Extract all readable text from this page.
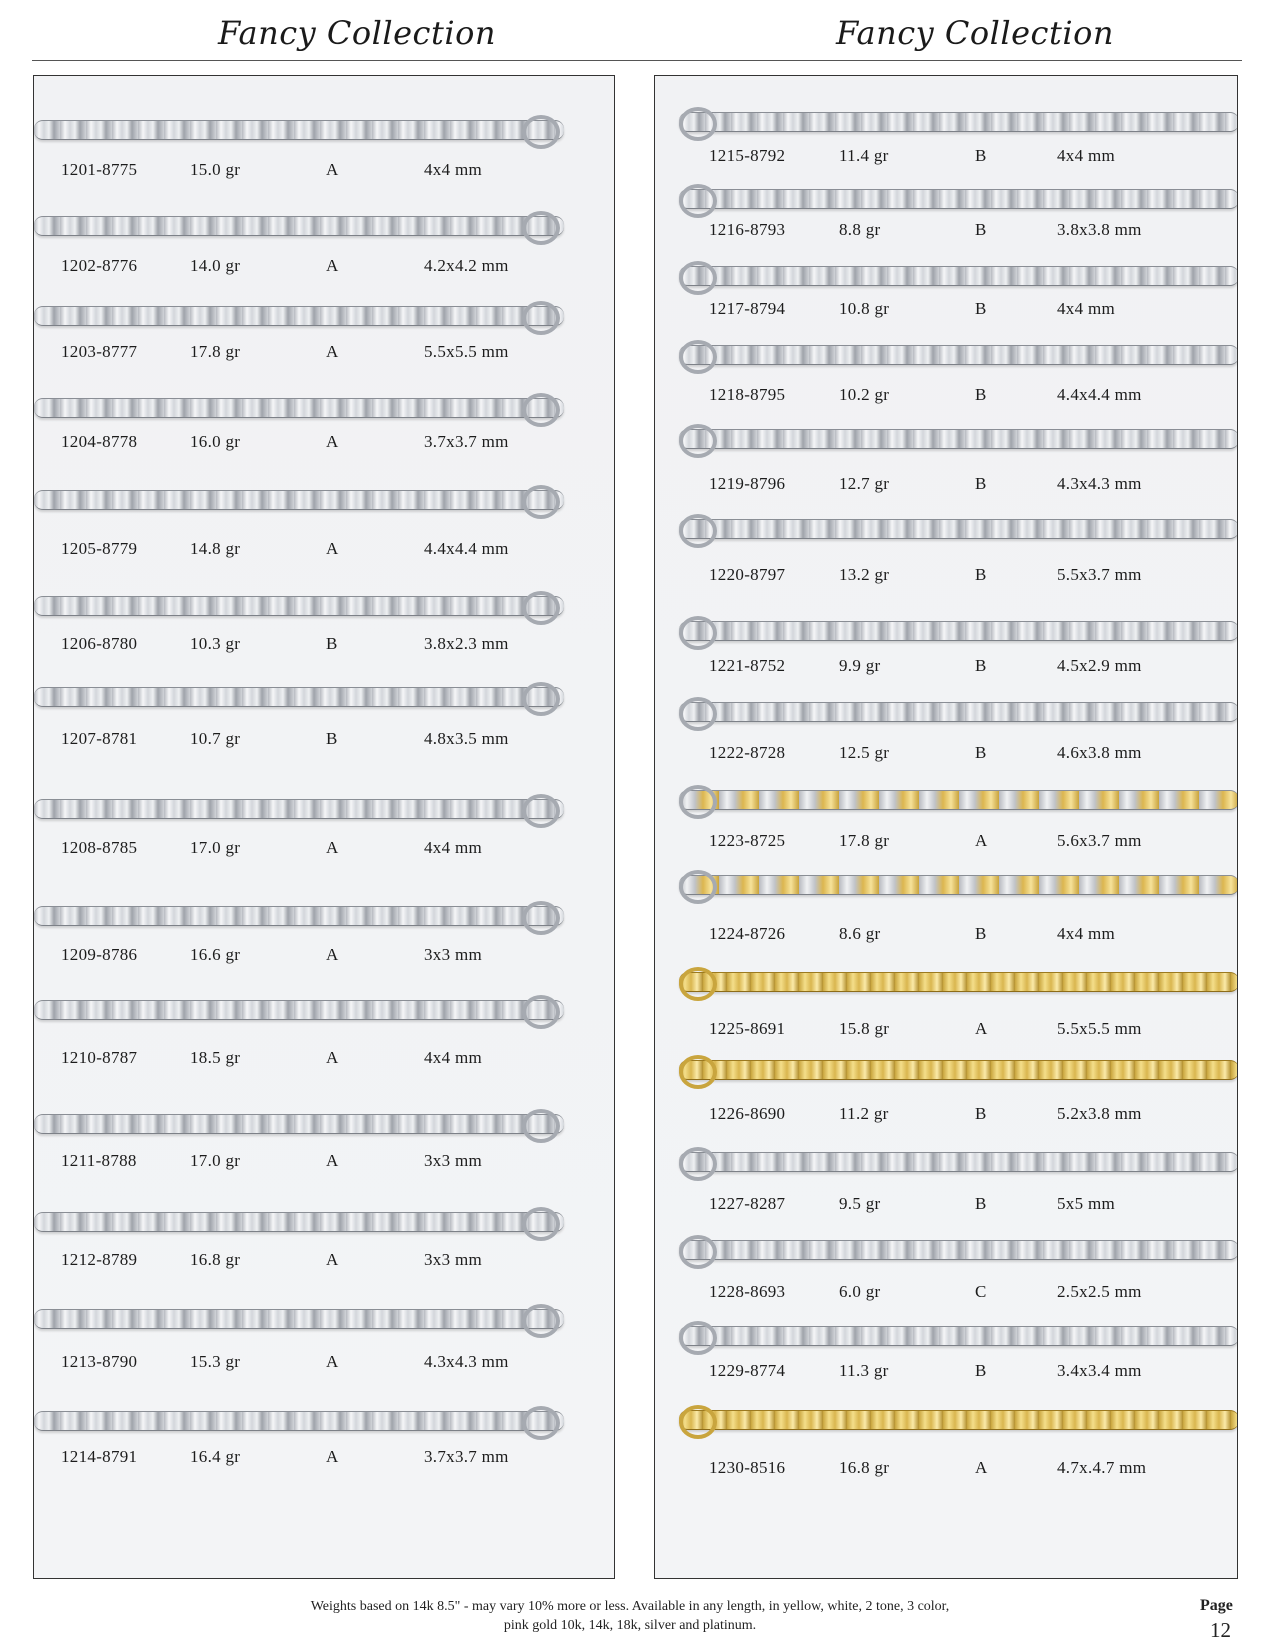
Fancy Collection	Fancy Collection
1201-8775	15.0 gr	A	4x4 mm
1202-8776	14.0 gr	A	4.2x4.2 mm
1203-8777	17.8 gr	A	5.5x5.5 mm
1204-8778	16.0 gr	A	3.7x3.7 mm
1205-8779	14.8 gr	A	4.4x4.4 mm
1206-8780	10.3 gr	B	3.8x2.3 mm
1207-8781	10.7 gr	B	4.8x3.5 mm
1208-8785	17.0 gr	A	4x4 mm
1209-8786	16.6 gr	A	3x3 mm
1210-8787	18.5 gr	A	4x4 mm
1211-8788	17.0 gr	A	3x3 mm
1212-8789	16.8 gr	A	3x3 mm
1213-8790	15.3 gr	A	4.3x4.3 mm
1214-8791	16.4 gr	A	3.7x3.7 mm
1215-8792	11.4 gr	B	4x4 mm
1216-8793	8.8 gr	B	3.8x3.8 mm
1217-8794	10.8 gr	B	4x4 mm
1218-8795	10.2 gr	B	4.4x4.4 mm
1219-8796	12.7 gr	B	4.3x4.3 mm
1220-8797	13.2 gr	B	5.5x3.7 mm
1221-8752	9.9 gr	B	4.5x2.9 mm
1222-8728	12.5 gr	B	4.6x3.8 mm
1223-8725	17.8 gr	A	5.6x3.7 mm
1224-8726	8.6 gr	B	4x4 mm
1225-8691	15.8 gr	A	5.5x5.5 mm
1226-8690	11.2 gr	B	5.2x3.8 mm
1227-8287	9.5 gr	B	5x5 mm
1228-8693	6.0 gr	C	2.5x2.5 mm
1229-8774	11.3 gr	B	3.4x3.4 mm
1230-8516	16.8 gr	A	4.7x.4.7 mm
Weights based on 14k 8.5" - may vary 10% more or less. Available in any length, in yellow, white, 2 tone, 3 color,
pink gold 10k, 14k, 18k, silver and platinum.
Page
12
